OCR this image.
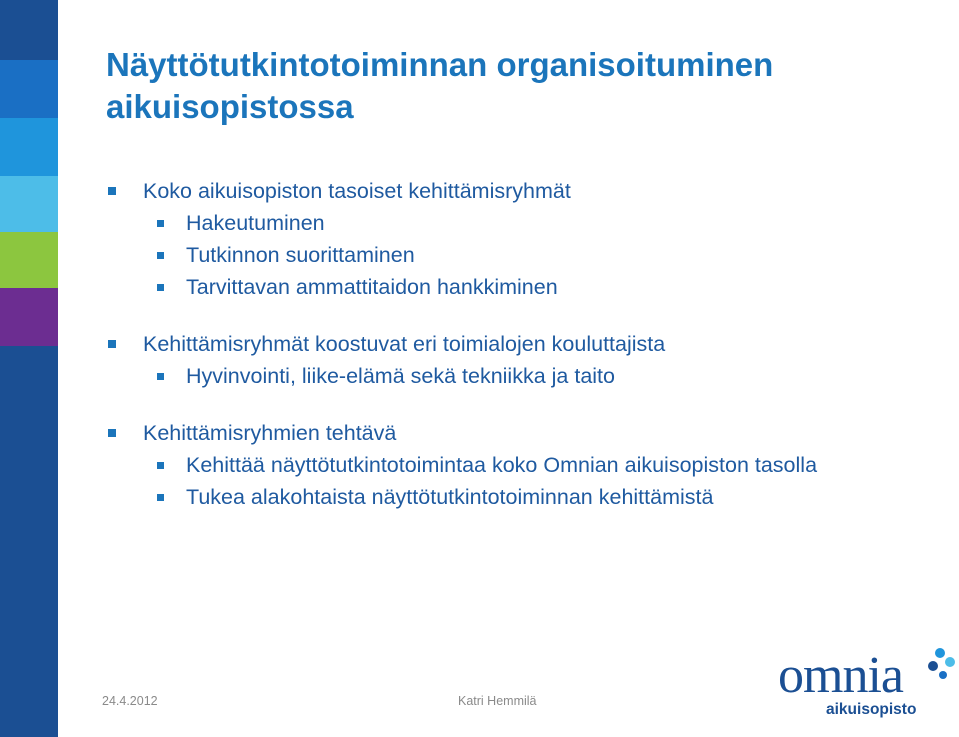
Näyttötutkintotoiminnan organisoituminen aikuisopistossa
Koko aikuisopiston tasoiset kehittämisryhmät
Hakeutuminen
Tutkinnon suorittaminen
Tarvittavan ammattitaidon hankkiminen
Kehittämisryhmät koostuvat eri toimialojen kouluttajista
Hyvinvointi, liike-elämä sekä tekniikka ja taito
Kehittämisryhmien tehtävä
Kehittää näyttötutkintotoimintaa koko Omnian aikuisopiston tasolla
Tukea alakohtaista näyttötutkintotoiminnan kehittämistä
24.4.2012	Katri Hemmilä	omnia
aikuisopisto
